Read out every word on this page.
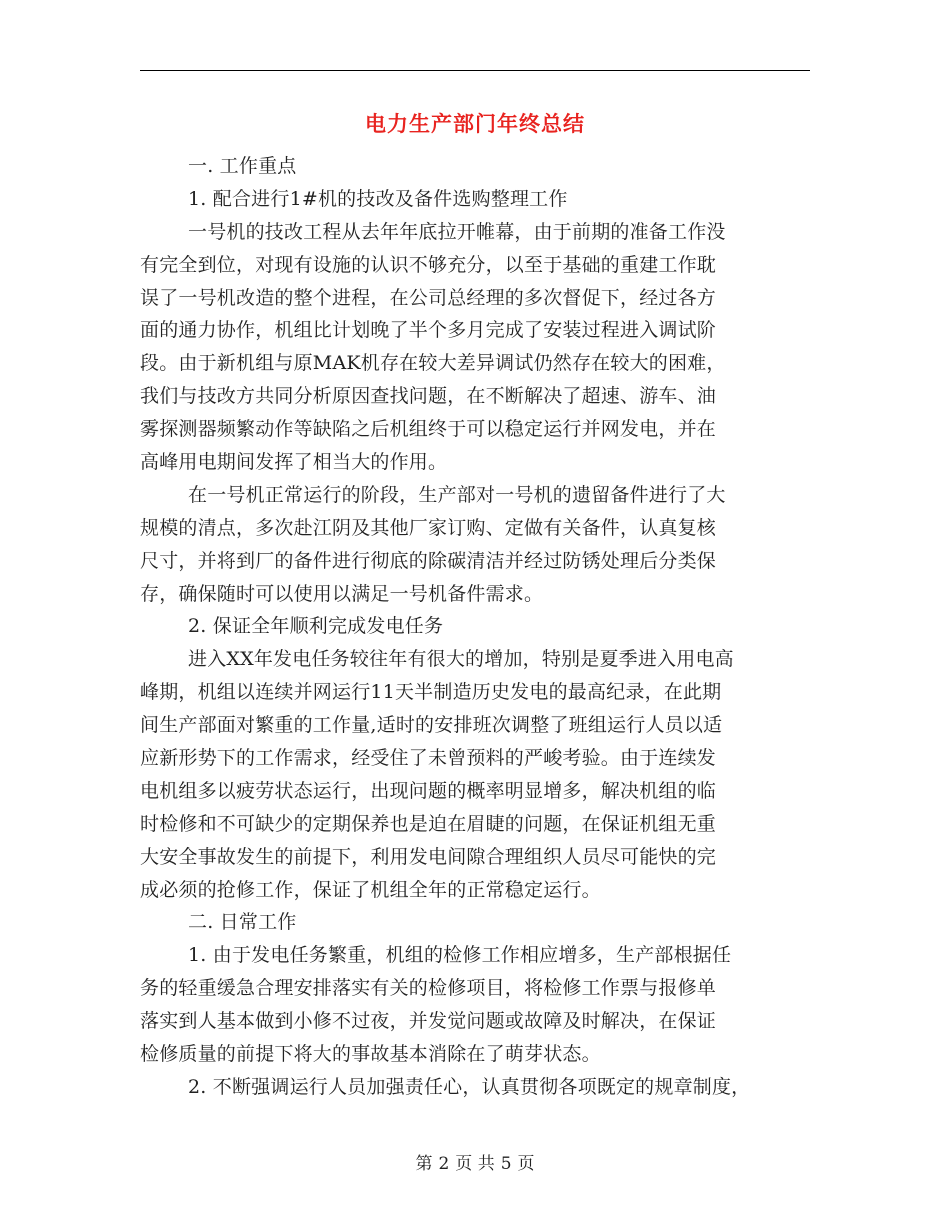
电力生产部门年终总结
一. 工作重点
1. 配合进行1#机的技改及备件选购整理工作
一号机的技改工程从去年年底拉开帷幕，由于前期的准备工作没
有完全到位，对现有设施的认识不够充分，以至于基础的重建工作耽
误了一号机改造的整个进程，在公司总经理的多次督促下，经过各方
面的通力协作，机组比计划晚了半个多月完成了安装过程进入调试阶
段。由于新机组与原MAK机存在较大差异调试仍然存在较大的困难，
我们与技改方共同分析原因查找问题，在不断解决了超速、游车、油
雾探测器频繁动作等缺陷之后机组终于可以稳定运行并网发电，并在
高峰用电期间发挥了相当大的作用。
在一号机正常运行的阶段，生产部对一号机的遗留备件进行了大
规模的清点，多次赴江阴及其他厂家订购、定做有关备件，认真复核
尺寸，并将到厂的备件进行彻底的除碳清洁并经过防锈处理后分类保
存，确保随时可以使用以满足一号机备件需求。
2. 保证全年顺利完成发电任务
进入XX年发电任务较往年有很大的增加，特别是夏季进入用电高
峰期，机组以连续并网运行11天半制造历史发电的最高纪录，在此期
间生产部面对繁重的工作量,适时的安排班次调整了班组运行人员以适
应新形势下的工作需求，经受住了未曾预料的严峻考验。由于连续发
电机组多以疲劳状态运行，出现问题的概率明显增多，解决机组的临
时检修和不可缺少的定期保养也是迫在眉睫的问题，在保证机组无重
大安全事故发生的前提下，利用发电间隙合理组织人员尽可能快的完
成必须的抢修工作，保证了机组全年的正常稳定运行。
二. 日常工作
1. 由于发电任务繁重，机组的检修工作相应增多，生产部根据任
务的轻重缓急合理安排落实有关的检修项目，将检修工作票与报修单
落实到人基本做到小修不过夜，并发觉问题或故障及时解决，在保证
检修质量的前提下将大的事故基本消除在了萌芽状态。
2. 不断强调运行人员加强责任心，认真贯彻各项既定的规章制度，
第 2 页 共 5 页
